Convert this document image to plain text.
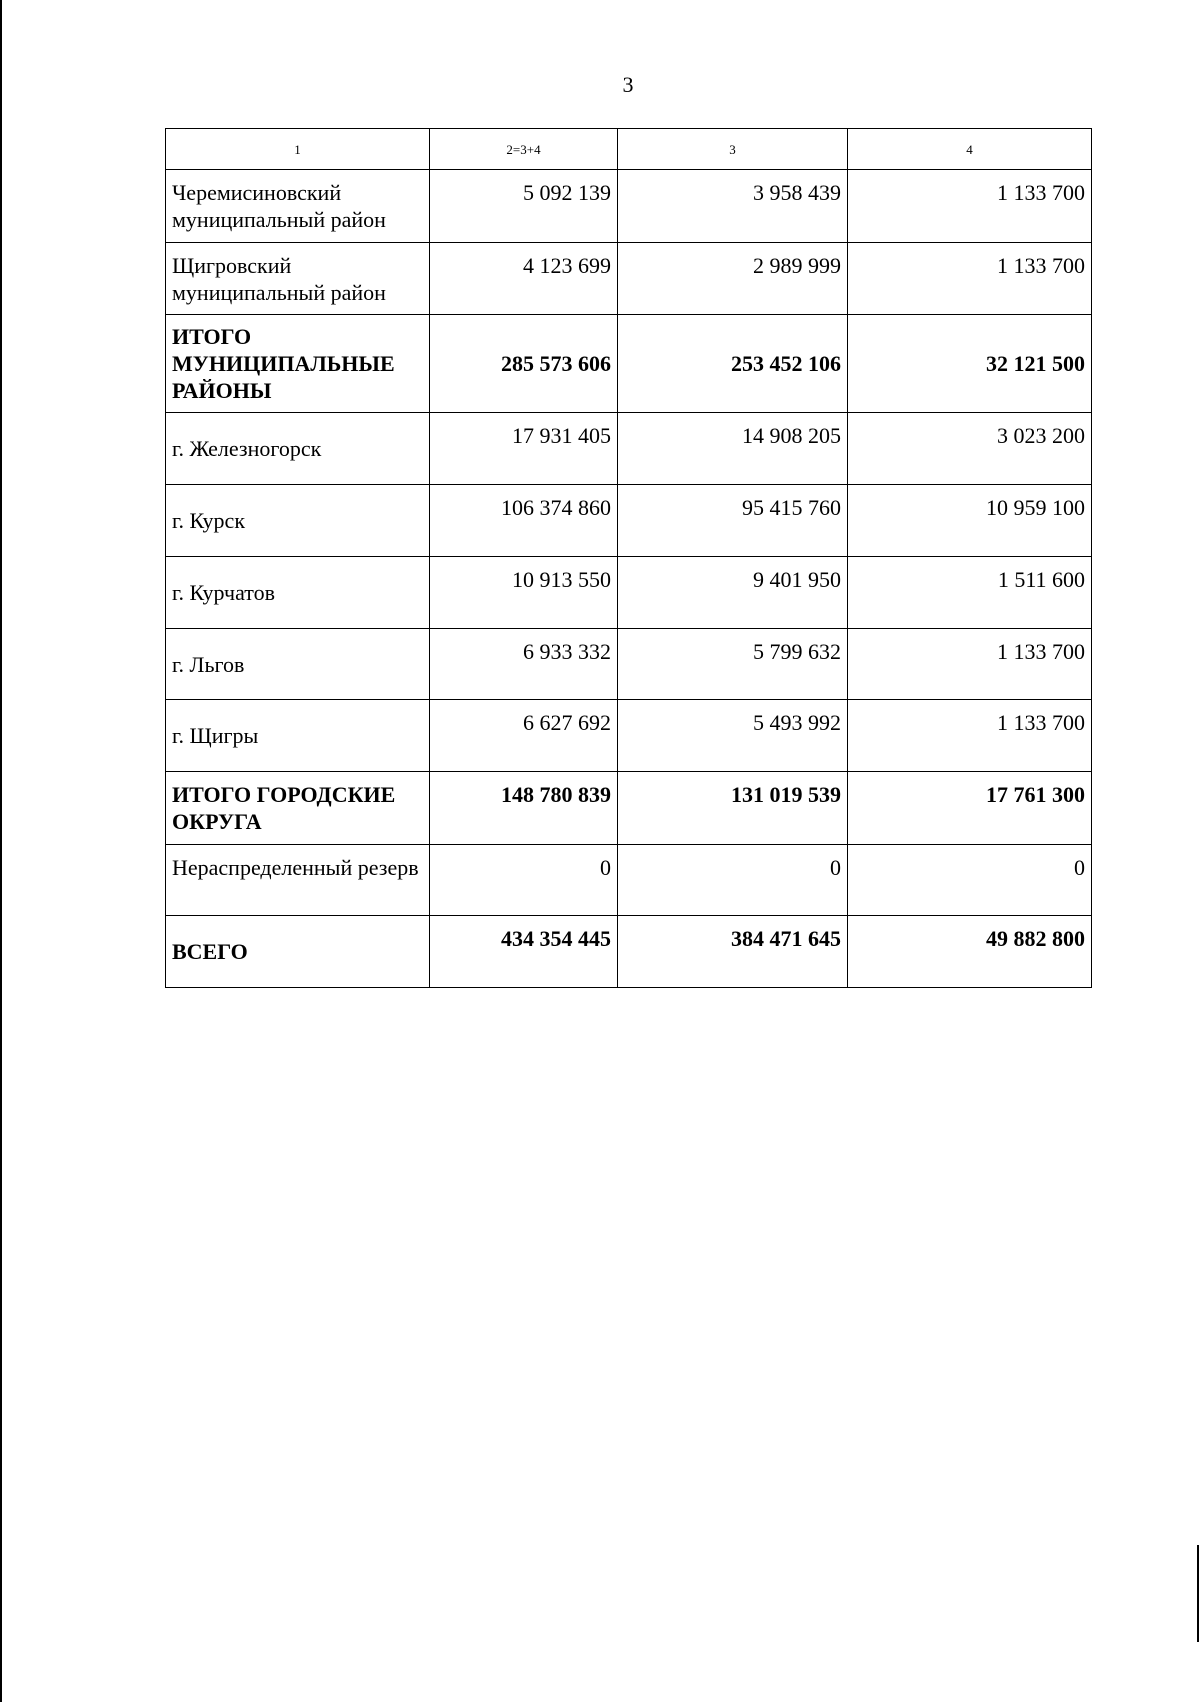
3
1	2=3+4	3	4
Черемисиновский муниципальный район	5 092 139	3 958 439	1 133 700
Щигровский муниципальный район	4 123 699	2 989 999	1 133 700
ИТОГО МУНИЦИПАЛЬНЫЕ РАЙОНЫ	285 573 606	253 452 106	32 121 500
г. Железногорск	17 931 405	14 908 205	3 023 200
г. Курск	106 374 860	95 415 760	10 959 100
г. Курчатов	10 913 550	9 401 950	1 511 600
г. Льгов	6 933 332	5 799 632	1 133 700
г. Щигры	6 627 692	5 493 992	1 133 700
ИТОГО ГОРОДСКИЕ ОКРУГА	148 780 839	131 019 539	17 761 300
Нераспределенный резерв	0	0	0
ВСЕГО	434 354 445	384 471 645	49 882 800
